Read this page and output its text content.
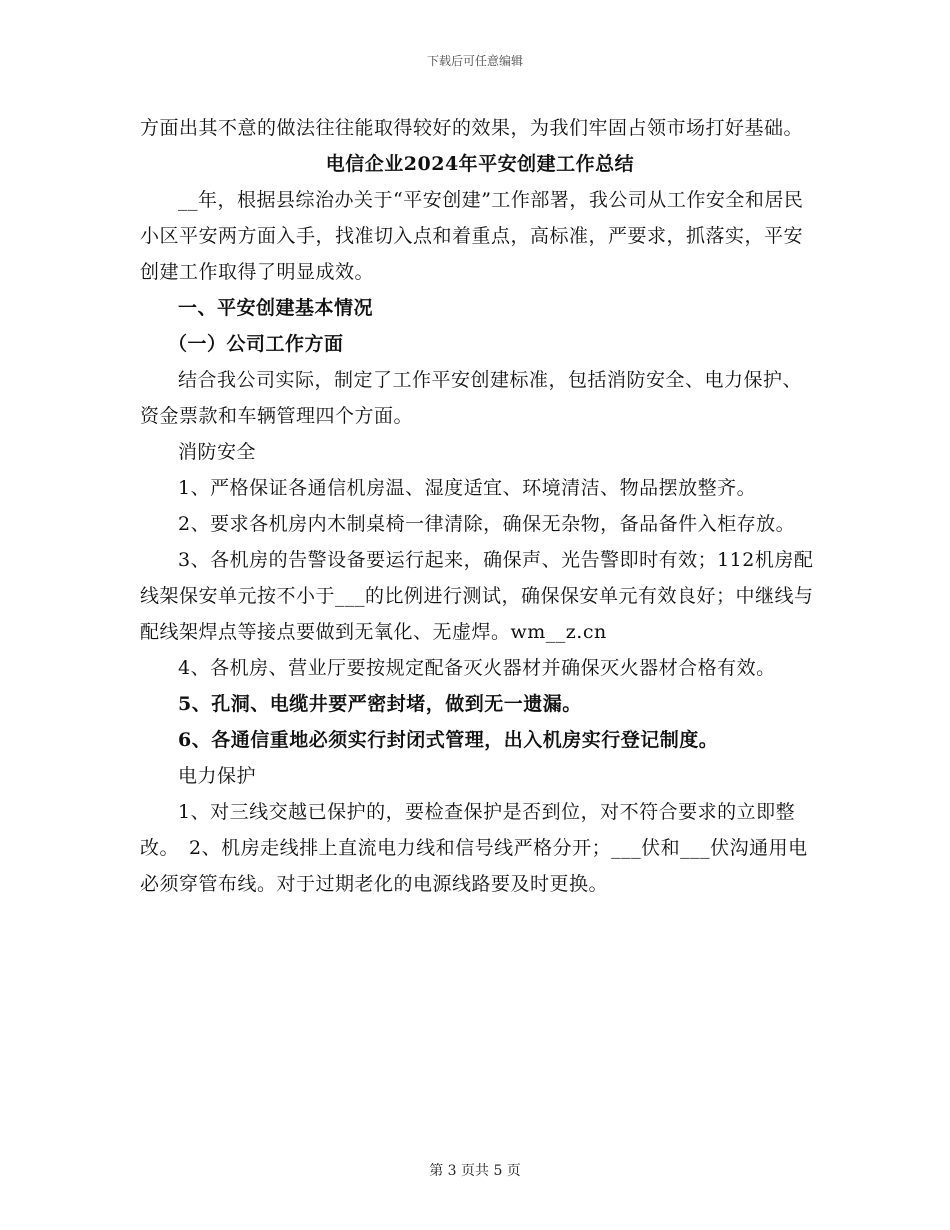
下载后可任意编辑

方面出其不意的做法往往能取得较好的效果，为我们牢固占领市场打好基础。

电信企业2024年平安创建工作总结

__年，根据县综治办关于“平安创建”工作部署，我公司从工作安全和居民小区平安两方面入手，找准切入点和着重点，高标准，严要求，抓落实，平安创建工作取得了明显成效。

一、平安创建基本情况

（一）公司工作方面

结合我公司实际，制定了工作平安创建标准，包括消防安全、电力保护、资金票款和车辆管理四个方面。

消防安全

1、严格保证各通信机房温、湿度适宜、环境清洁、物品摆放整齐。

2、要求各机房内木制桌椅一律清除，确保无杂物，备品备件入柜存放。

3、各机房的告警设备要运行起来，确保声、光告警即时有效；112机房配线架保安单元按不小于___的比例进行测试，确保保安单元有效良好；中继线与配线架焊点等接点要做到无氧化、无虚焊。wm__z.cn

4、各机房、营业厅要按规定配备灭火器材并确保灭火器材合格有效。

5、孔洞、电缆井要严密封堵，做到无一遗漏。

6、各通信重地必须实行封闭式管理，出入机房实行登记制度。

电力保护

1、对三线交越已保护的，要检查保护是否到位，对不符合要求的立即整改。　2、机房走线排上直流电力线和信号线严格分开；___伏和___伏沟通用电必须穿管布线。对于过期老化的电源线路要及时更换。

第 3 页共 5 页
